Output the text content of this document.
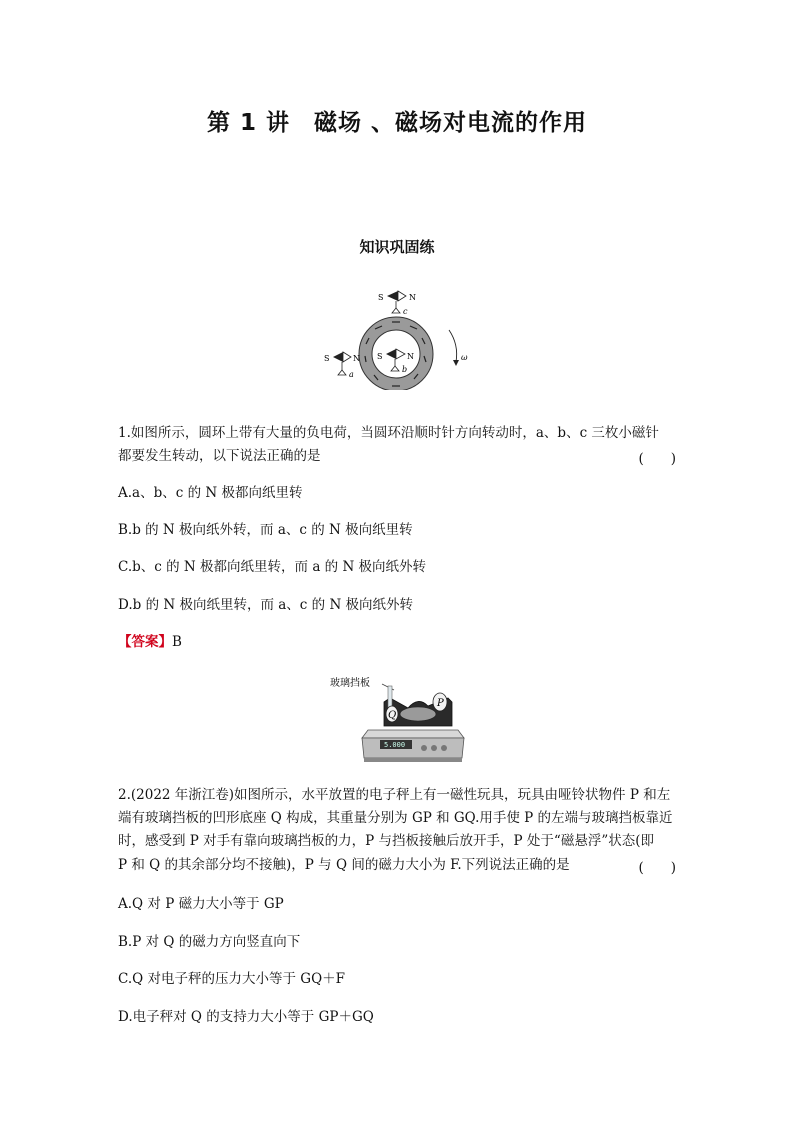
第 1 讲　磁场 、磁场对电流的作用
知识巩固练
ω
S	N
c
S	N
b
S	N
a
1.如图所示，圆环上带有大量的负电荷，当圆环沿顺时针方向转动时，a、b、c 三枚小磁针
都要发生转动，以下说法正确的是	(　　)
A.a、b、c 的 N 极都向纸里转
B.b 的 N 极向纸外转，而 a、c 的 N 极向纸里转
C.b、c 的 N 极都向纸里转，而 a 的 N 极向纸外转
D.b 的 N 极向纸里转，而 a、c 的 N 极向纸外转
【答案】B
玻璃挡板
5.000
P
Q
2.(2022 年浙江卷)如图所示，水平放置的电子秤上有一磁性玩具，玩具由哑铃状物件 P 和左
端有玻璃挡板的凹形底座 Q 构成，其重量分别为 GP 和 GQ.用手使 P 的左端与玻璃挡板靠近
时，感受到 P 对手有靠向玻璃挡板的力，P 与挡板接触后放开手，P 处于“磁悬浮”状态(即
P 和 Q 的其余部分均不接触)，P 与 Q 间的磁力大小为 F.下列说法正确的是	(　　)
A.Q 对 P 磁力大小等于 GP
B.P 对 Q 的磁力方向竖直向下
C.Q 对电子秤的压力大小等于 GQ＋F
D.电子秤对 Q 的支持力大小等于 GP＋GQ
